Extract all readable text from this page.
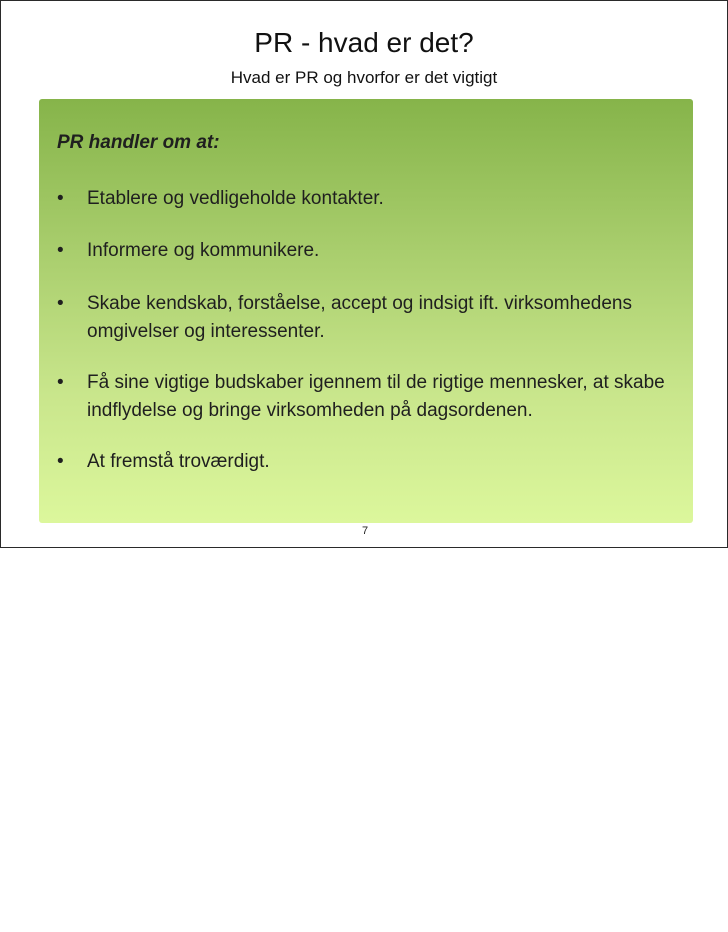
PR - hvad er det?
Hvad er PR og hvorfor er det vigtigt
PR handler om at:
•	Etablere og vedligeholde kontakter.
•	Informere og kommunikere.
•	Skabe kendskab, forståelse, accept og indsigt ift. virksomhedens omgivelser og interessenter.
•	Få sine vigtige budskaber igennem til de rigtige mennesker, at skabe indflydelse og bringe virksomheden på dagsordenen.
•	At fremstå troværdigt.
7
